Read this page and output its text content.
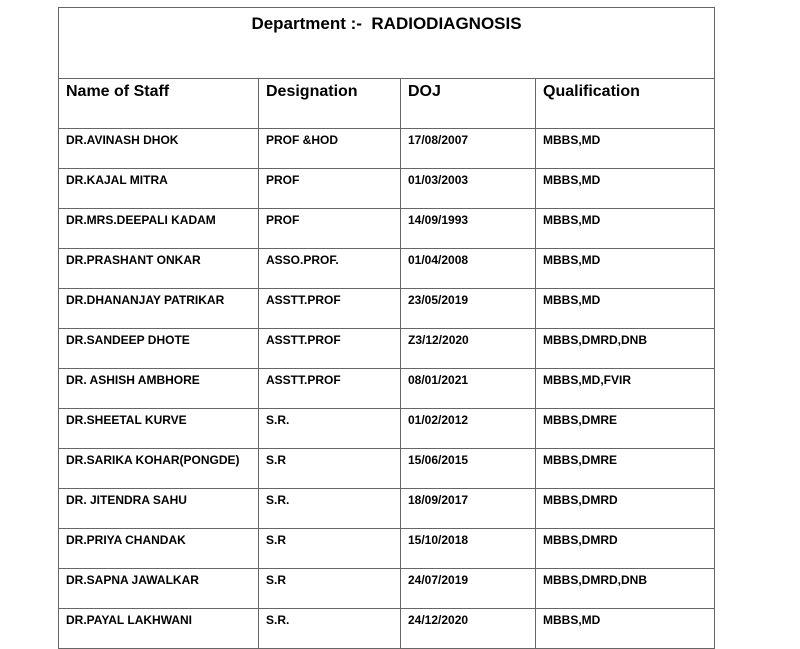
Department :- RADIODIAGNOSIS			
Name of Staff	Designation	DOJ	Qualification
DR.AVINASH DHOK	PROF &HOD	17/08/2007	MBBS,MD
DR.KAJAL MITRA	PROF	01/03/2003	MBBS,MD
DR.MRS.DEEPALI KADAM	PROF	14/09/1993	MBBS,MD
DR.PRASHANT ONKAR	ASSO.PROF.	01/04/2008	MBBS,MD
DR.DHANANJAY PATRIKAR	ASSTT.PROF	23/05/2019	MBBS,MD
DR.SANDEEP DHOTE	ASSTT.PROF	Z3/12/2020	MBBS,DMRD,DNB
DR. ASHISH AMBHORE	ASSTT.PROF	08/01/2021	MBBS,MD,FVIR
DR.SHEETAL KURVE	S.R.	01/02/2012	MBBS,DMRE
DR.SARIKA KOHAR(PONGDE)	S.R	15/06/2015	MBBS,DMRE
DR. JITENDRA SAHU	S.R.	18/09/2017	MBBS,DMRD
DR.PRIYA CHANDAK	S.R	15/10/2018	MBBS,DMRD
DR.SAPNA JAWALKAR	S.R	24/07/2019	MBBS,DMRD,DNB
DR.PAYAL LAKHWANI	S.R.	24/12/2020	MBBS,MD
